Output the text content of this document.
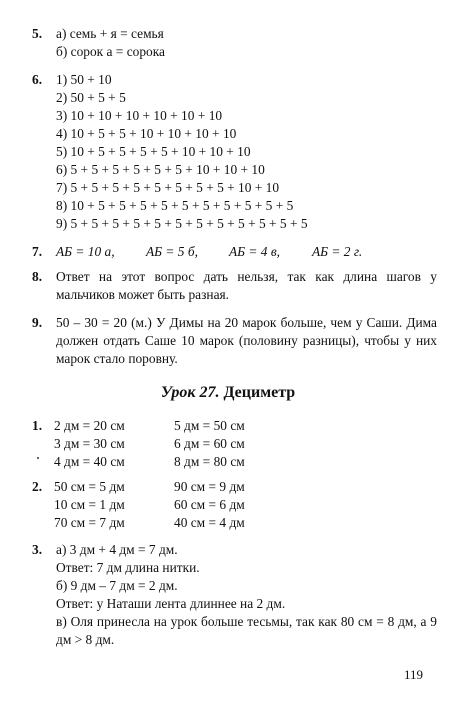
5. а) семь + я = семья
б) сорок а = сорока
6. 1) 50 + 10
2) 50 + 5 + 5
3) 10 + 10 + 10 + 10 + 10 + 10
4) 10 + 5 + 5 + 10 + 10 + 10 + 10
5) 10 + 5 + 5 + 5 + 5 + 10 + 10 + 10
6) 5 + 5 + 5 + 5 + 5 + 5 + 10 + 10 + 10
7) 5 + 5 + 5 + 5 + 5 + 5 + 5 + 5 + 10 + 10
8) 10 + 5 + 5 + 5 + 5 + 5 + 5 + 5 + 5 + 5 + 5
9) 5 + 5 + 5 + 5 + 5 + 5 + 5 + 5 + 5 + 5 + 5 + 5
7. АБ = 10 а, АБ = 5 б, АБ = 4 в, АБ = 2 г.
8. Ответ на этот вопрос дать нельзя, так как длина шагов у мальчиков может быть разная.
9. 50 – 30 = 20 (м.) У Димы на 20 марок больше, чем у Саши. Дима должен отдать Саше 10 марок (половину разницы), чтобы у них марок стало поровну.
Урок 27. Дециметр
1. 2 дм = 20 см	5 дм = 50 см
3 дм = 30 см	6 дм = 60 см
4 дм = 40 см	8 дм = 80 см
2. 50 см = 5 дм	90 см = 9 дм
10 см = 1 дм	60 см = 6 дм
70 см = 7 дм	40 см = 4 дм
3. а) 3 дм + 4 дм = 7 дм.
Ответ: 7 дм длина нитки.
б) 9 дм – 7 дм = 2 дм.
Ответ: у Наташи лента длиннее на 2 дм.
в) Оля принесла на урок больше тесьмы, так как 80 см = 8 дм, а 9 дм > 8 дм.
119
